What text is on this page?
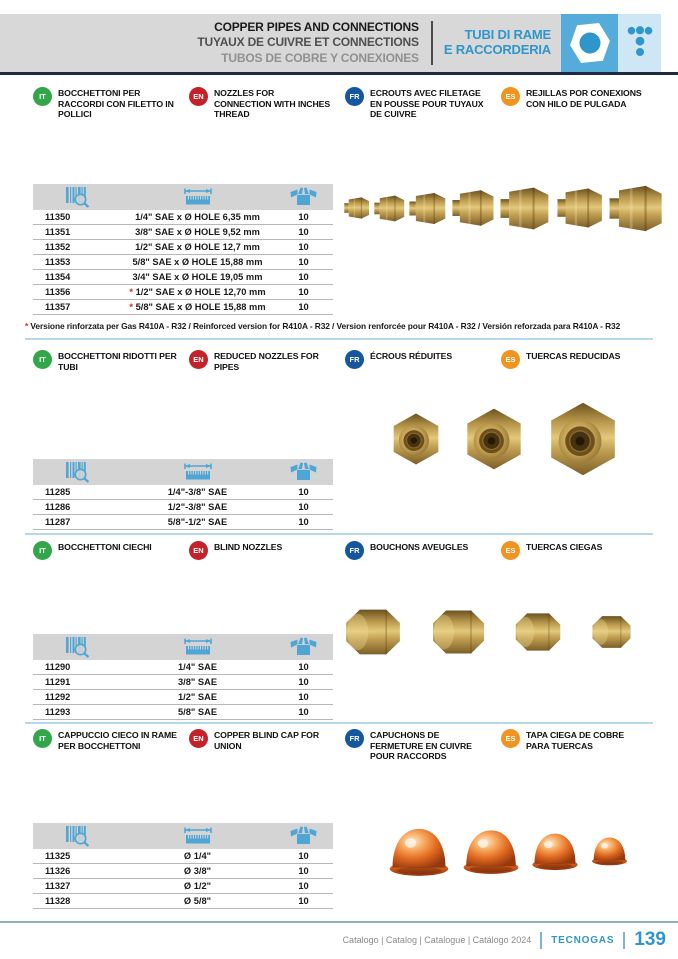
COPPER PIPES AND CONNECTIONS
TUYAUX DE CUIVRE ET CONNECTIONS
TUBOS DE COBRE Y CONEXIONES
TUBI DI RAME
E RACCORDERIA
IT	BOCCHETTONI PER RACCORDI CON FILETTO IN POLLICI
EN	NOZZLES FOR CONNECTION WITH INCHES THREAD
FR	ECROUTS AVEC FILETAGE EN POUSSE POUR TUYAUX DE CUIVRE
ES	REJILLAS POR CONEXIONS CON HILO DE PULGADA
11350	1/4" SAE x Ø HOLE 6,35 mm	10
11351	3/8" SAE x Ø HOLE 9,52 mm	10
11352	1/2" SAE x Ø HOLE 12,7 mm	10
11353	5/8" SAE x Ø HOLE 15,88 mm	10
11354	3/4" SAE x Ø HOLE 19,05 mm	10
11356	* 1/2" SAE x Ø HOLE 12,70 mm	10
11357	* 5/8" SAE x Ø HOLE 15,88 mm	10
* Versione rinforzata per Gas R410A - R32 / Reinforced version for R410A - R32 / Version renforcée pour R410A - R32 / Versión reforzada para R410A - R32
IT	BOCCHETTONI RIDOTTI PER TUBI
EN	REDUCED NOZZLES FOR PIPES
FR	ÉCROUS RÉDUITES	ES	TUERCAS REDUCIDAS
11285	1/4"-3/8" SAE	10
11286	1/2"-3/8" SAE	10
11287	5/8"-1/2" SAE	10
IT	BOCCHETTONI CIECHI	EN	BLIND NOZZLES	FR	BOUCHONS AVEUGLES	ES	TUERCAS CIEGAS
11290	1/4" SAE	10
11291	3/8" SAE	10
11292	1/2" SAE	10
11293	5/8" SAE	10
IT	CAPPUCCIO CIECO IN RAME PER BOCCHETTONI
EN	COPPER BLIND CAP FOR UNION
FR	CAPUCHONS DE FERMETURE EN CUIVRE POUR RACCORDS
ES	TAPA CIEGA DE COBRE PARA TUERCAS
11325	Ø 1/4"	10
11326	Ø 3/8"	10
11327	Ø 1/2"	10
11328	Ø 5/8"	10
Catalogo | Catalog | Catalogue | Catálogo 2024 TECNOGAS 139
